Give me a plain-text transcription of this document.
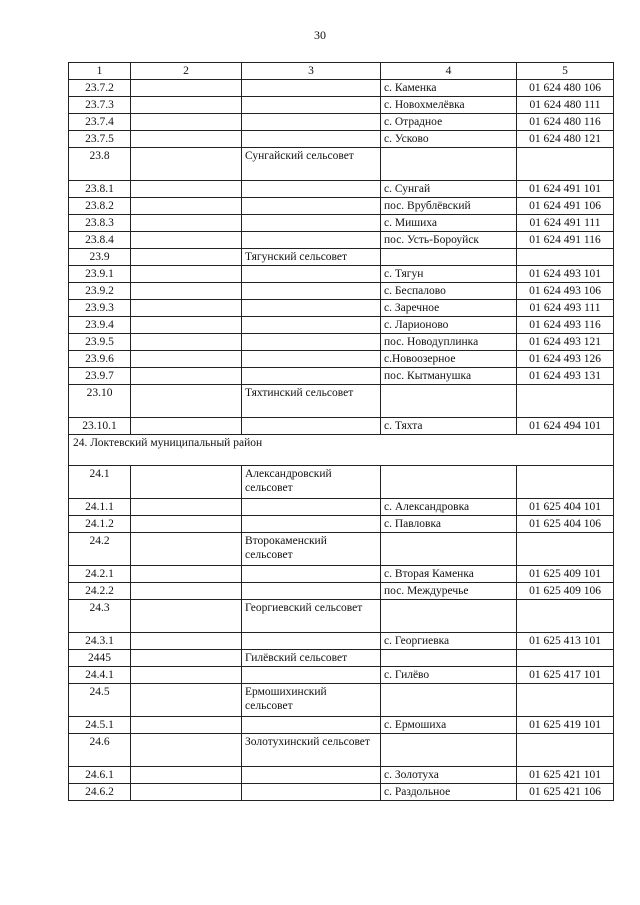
30
1	2	3	4	5
23.7.2			с. Каменка	01 624 480 106
23.7.3			с. Новохмелёвка	01 624 480 111
23.7.4			с. Отрадное	01 624 480 116
23.7.5			с. Усково	01 624 480 121
23.8		Сунгайский сельсовет		
23.8.1			с. Сунгай	01 624 491 101
23.8.2			пос. Врублёвский	01 624 491 106
23.8.3			с. Мишиха	01 624 491 111
23.8.4			пос. Усть-Бороуйск	01 624 491 116
23.9		Тягунский сельсовет		
23.9.1			с. Тягун	01 624 493 101
23.9.2			с. Беспалово	01 624 493 106
23.9.3			с. Заречное	01 624 493 111
23.9.4			с. Ларионово	01 624 493 116
23.9.5			пос. Новодуплинка	01 624 493 121
23.9.6			с.Новоозерное	01 624 493 126
23.9.7			пос. Кытманушка	01 624 493 131
23.10		Тяхтинский сельсовет		
23.10.1			с. Тяхта	01 624 494 101
24. Локтевский муниципальный район				
24.1		Александровский сельсовет		
24.1.1			с. Александровка	01 625 404 101
24.1.2			с. Павловка	01 625 404 106
24.2		Второкаменский сельсовет		
24.2.1			с. Вторая Каменка	01 625 409 101
24.2.2			пос. Междуречье	01 625 409 106
24.3		Георгиевский сельсовет		
24.3.1			с. Георгиевка	01 625 413 101
2445		Гилёвский сельсовет		
24.4.1			с. Гилёво	01 625 417 101
24.5		Ермошихинский сельсовет		
24.5.1			с. Ермошиха	01 625 419 101
24.6		Золотухинский сельсовет		
24.6.1			с. Золотуха	01 625 421 101
24.6.2			с. Раздольное	01 625 421 106
